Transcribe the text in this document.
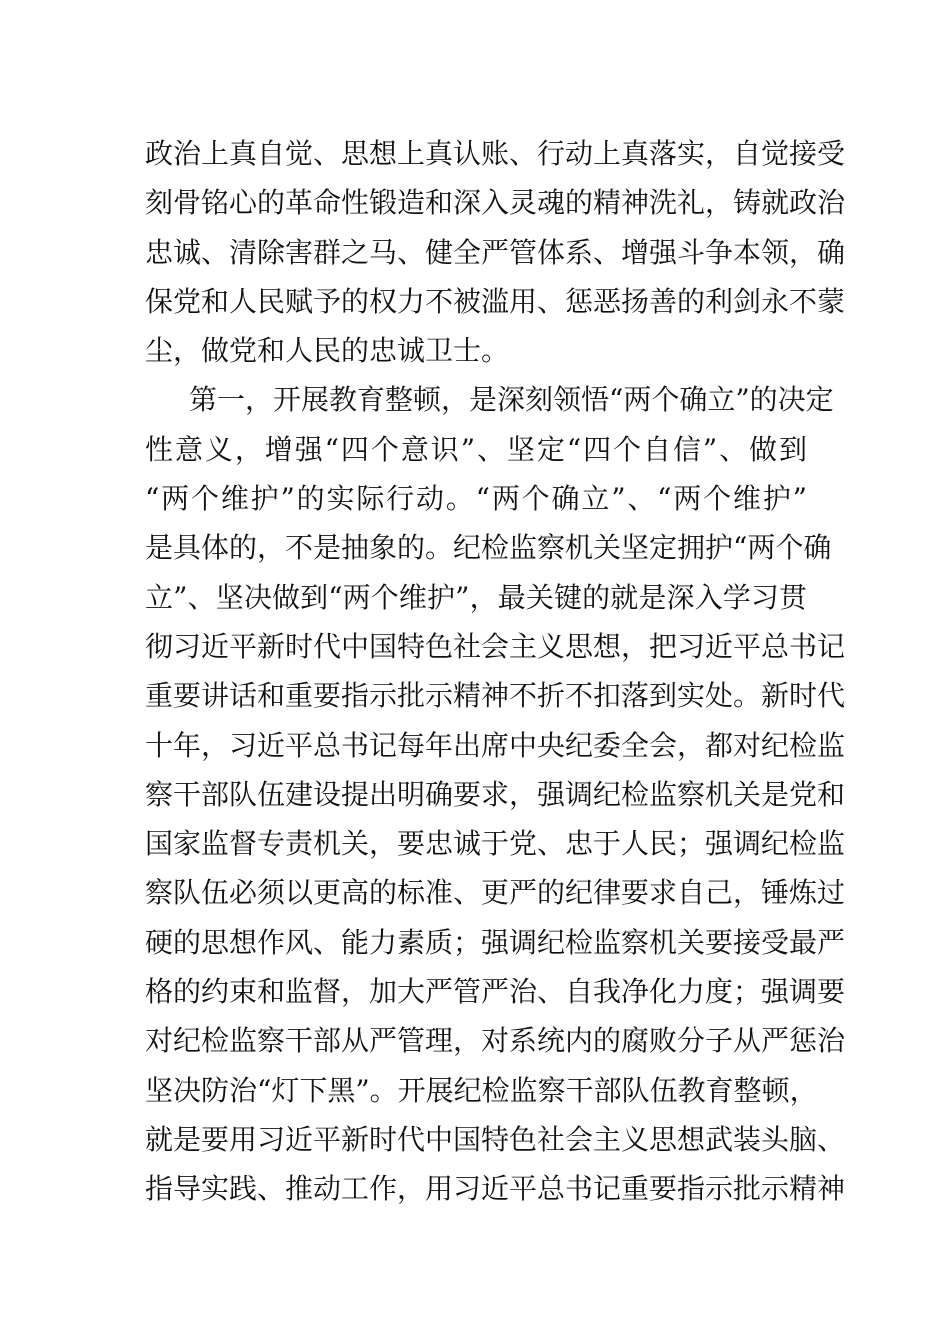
政治上真自觉、思想上真认账、行动上真落实，自觉接受
刻骨铭心的革命性锻造和深入灵魂的精神洗礼，铸就政治
忠诚、清除害群之马、健全严管体系、增强斗争本领，确
保党和人民赋予的权力不被滥用、惩恶扬善的利剑永不蒙
尘，做党和人民的忠诚卫士。
第一，开展教育整顿，是深刻领悟“两个确立”的决定
性意义，增强“四个意识”、坚定“四个自信”、做到
“两个维护”的实际行动。“两个确立”、“两个维护”
是具体的，不是抽象的。纪检监察机关坚定拥护“两个确
立”、坚决做到“两个维护”，最关键的就是深入学习贯
彻习近平新时代中国特色社会主义思想，把习近平总书记
重要讲话和重要指示批示精神不折不扣落到实处。新时代
十年，习近平总书记每年出席中央纪委全会，都对纪检监
察干部队伍建设提出明确要求，强调纪检监察机关是党和
国家监督专责机关，要忠诚于党、忠于人民；强调纪检监
察队伍必须以更高的标准、更严的纪律要求自己，锤炼过
硬的思想作风、能力素质；强调纪检监察机关要接受最严
格的约束和监督，加大严管严治、自我净化力度；强调要
对纪检监察干部从严管理，对系统内的腐败分子从严惩治
坚决防治“灯下黑”。开展纪检监察干部队伍教育整顿，
就是要用习近平新时代中国特色社会主义思想武装头脑、
指导实践、推动工作，用习近平总书记重要指示批示精神
